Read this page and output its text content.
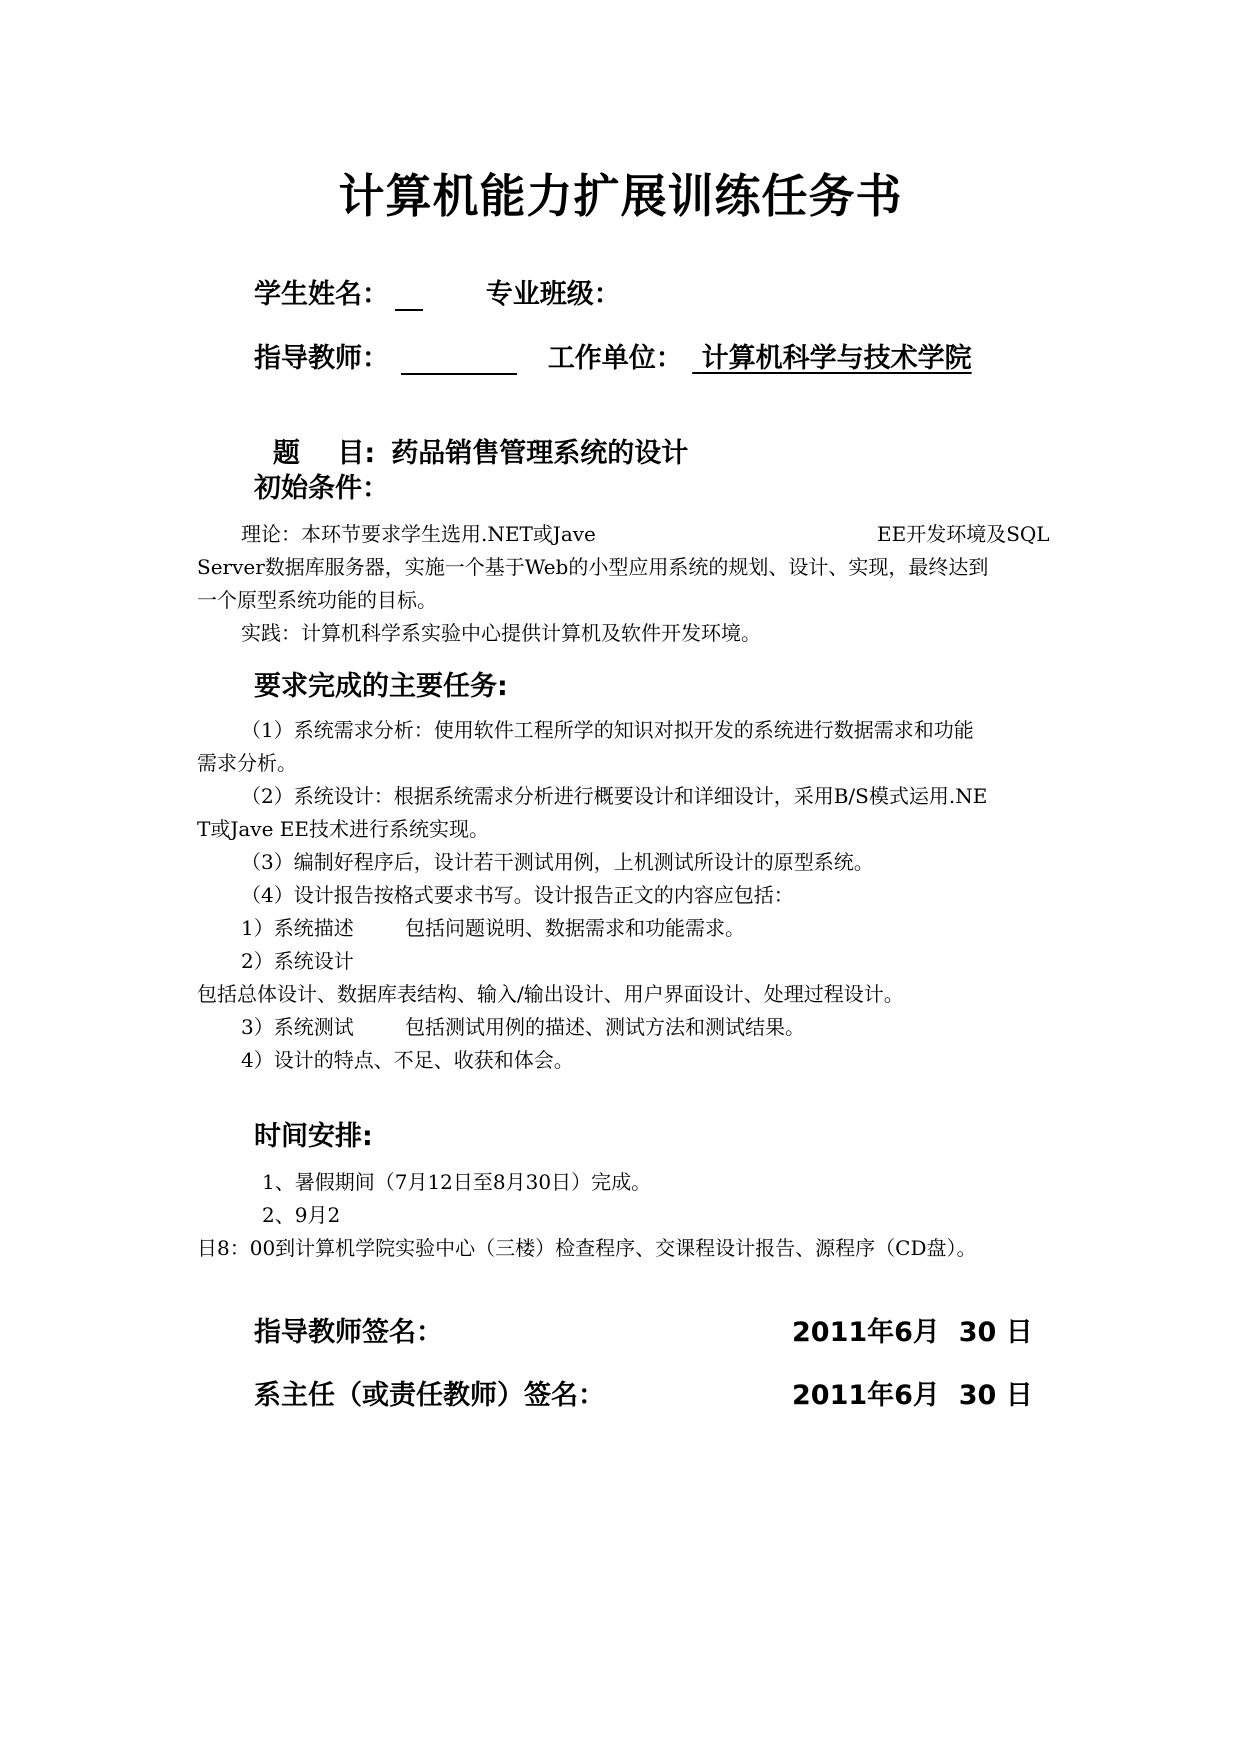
计算机能力扩展训练任务书
学生姓名：	专业班级：
指导教师：	工作单位： 计算机科学与技术学院

题    目: 药品销售管理系统的设计

初始条件：
理论：本环节要求学生选用.NET或Jave	EE开发环境及SQL
Server数据库服务器，实施一个基于Web的小型应用系统的规划、设计、实现，最终达到
一个原型系统功能的目标。
实践：计算机科学系实验中心提供计算机及软件开发环境。
要求完成的主要任务:
（1）系统需求分析：使用软件工程所学的知识对拟开发的系统进行数据需求和功能
需求分析。
（2）系统设计：根据系统需求分析进行概要设计和详细设计，采用B/S模式运用.NE
T或Jave EE技术进行系统实现。
（3）编制好程序后，设计若干测试用例，上机测试所设计的原型系统。
（4）设计报告按格式要求书写。设计报告正文的内容应包括：
1）系统描述	包括问题说明、数据需求和功能需求。
2）系统设计
包括总体设计、数据库表结构、输入/输出设计、用户界面设计、处理过程设计。
3）系统测试	包括测试用例的描述、测试方法和测试结果。
4）设计的特点、不足、收获和体会。
时间安排:
1、暑假期间（7月12日至8月30日）完成。
2、9月2
日8：00到计算机学院实验中心（三楼）检查程序、交课程设计报告、源程序（CD盘）。
指导教师签名：	2011年6月  30 日
系主任（或责任教师）签名：	2011年6月  30 日
